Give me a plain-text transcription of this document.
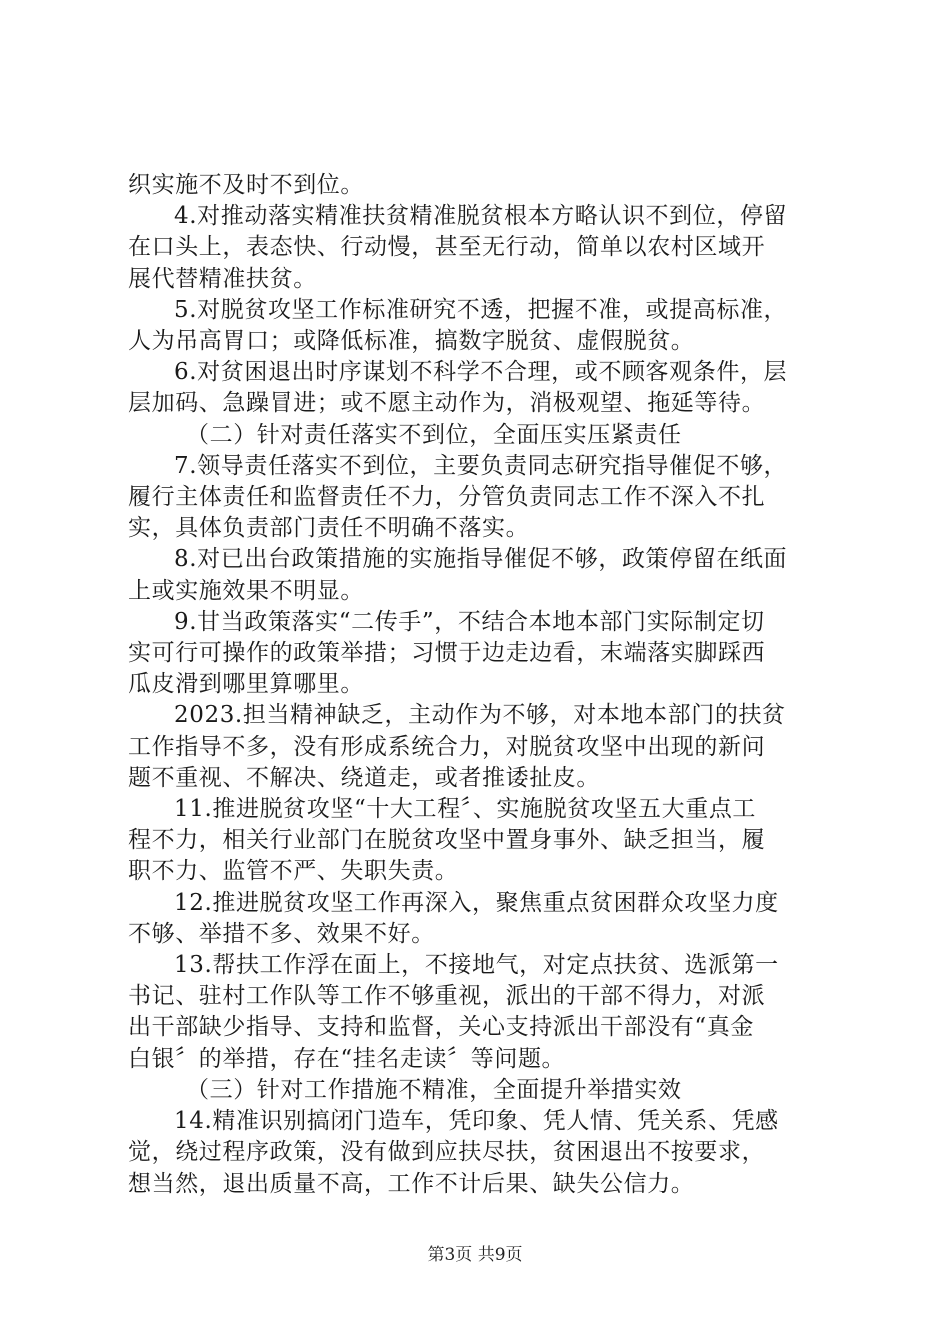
织实施不及时不到位。
4.对推动落实精准扶贫精准脱贫根本方略认识不到位，停留
在口头上，表态快、行动慢，甚至无行动，简单以农村区域开
展代替精准扶贫。
5.对脱贫攻坚工作标准研究不透，把握不准，或提高标准，
人为吊高胃口；或降低标准，搞数字脱贫、虚假脱贫。
6.对贫困退出时序谋划不科学不合理，或不顾客观条件，层
层加码、急躁冒进；或不愿主动作为，消极观望、拖延等待。
（二）针对责任落实不到位，全面压实压紧责任
7.领导责任落实不到位，主要负责同志研究指导催促不够，
履行主体责任和监督责任不力，分管负责同志工作不深入不扎
实，具体负责部门责任不明确不落实。
8.对已出台政策措施的实施指导催促不够，政策停留在纸面
上或实施效果不明显。
9.甘当政策落实“二传手”，不结合本地本部门实际制定切
实可行可操作的政策举措；习惯于边走边看，末端落实脚踩西
瓜皮滑到哪里算哪里。
2023.担当精神缺乏，主动作为不够，对本地本部门的扶贫
工作指导不多，没有形成系统合力，对脱贫攻坚中出现的新问
题不重视、不解决、绕道走，或者推诿扯皮。
11.推进脱贫攻坚“十大工程〞、实施脱贫攻坚五大重点工
程不力，相关行业部门在脱贫攻坚中置身事外、缺乏担当，履
职不力、监管不严、失职失责。
12.推进脱贫攻坚工作再深入，聚焦重点贫困群众攻坚力度
不够、举措不多、效果不好。
13.帮扶工作浮在面上，不接地气，对定点扶贫、选派第一
书记、驻村工作队等工作不够重视，派出的干部不得力，对派
出干部缺少指导、支持和监督，关心支持派出干部没有“真金
白银〞的举措，存在“挂名走读〞等问题。
（三）针对工作措施不精准，全面提升举措实效
14.精准识别搞闭门造车，凭印象、凭人情、凭关系、凭感
觉，绕过程序政策，没有做到应扶尽扶，贫困退出不按要求，
想当然，退出质量不高，工作不计后果、缺失公信力。
第3页 共9页
